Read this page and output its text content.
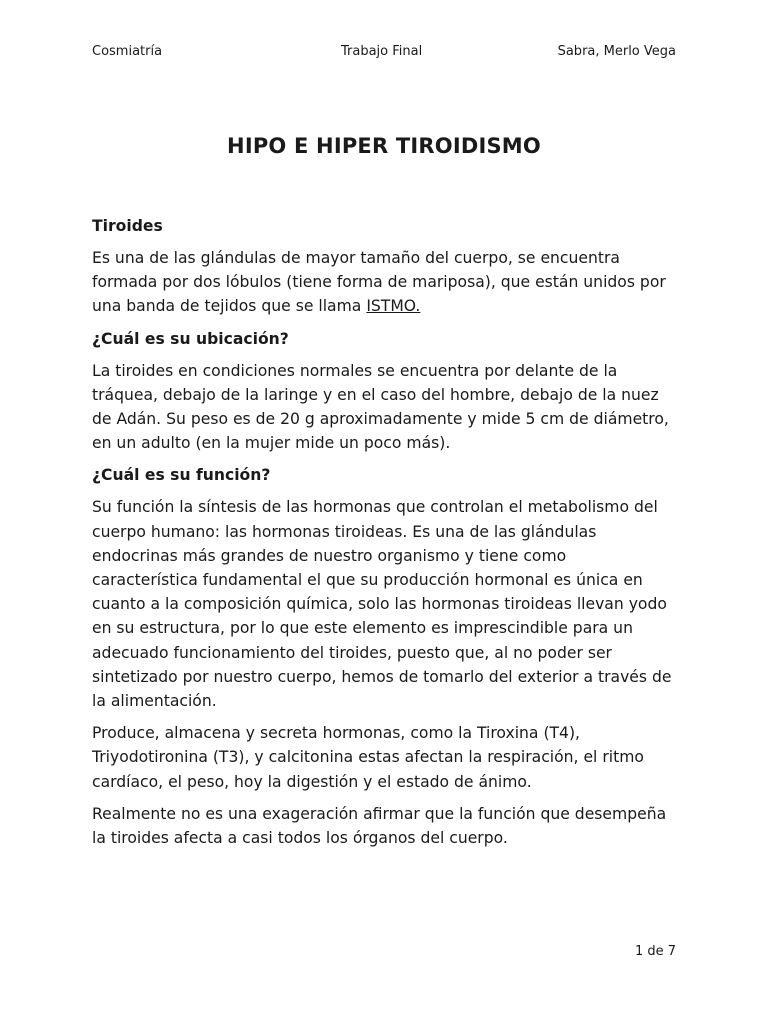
Cosmiatría	Trabajo Final	Sabra, Merlo Vega
HIPO E HIPER TIROIDISMO
Tiroides

Es una de las glándulas de mayor tamaño del cuerpo, se encuentra formada por dos lóbulos (tiene forma de mariposa), que están unidos por una banda de tejidos que se llama ISTMO.

¿Cuál es su ubicación?

La tiroides en condiciones normales se encuentra por delante de la tráquea, debajo de la laringe y en el caso del hombre, debajo de la nuez de Adán. Su peso es de 20 g aproximadamente y mide 5 cm de diámetro, en un adulto (en la mujer mide un poco más).

¿Cuál es su función?

Su función la síntesis de las hormonas que controlan el metabolismo del cuerpo humano: las hormonas tiroideas. Es una de las glándulas endocrinas más grandes de nuestro organismo y tiene como característica fundamental el que su producción hormonal es única en cuanto a la composición química, solo las hormonas tiroideas llevan yodo en su estructura, por lo que este elemento es imprescindible para un adecuado funcionamiento del tiroides, puesto que, al no poder ser sintetizado por nuestro cuerpo, hemos de tomarlo del exterior a través de la alimentación.

Produce, almacena y secreta hormonas, como la Tiroxina (T4), Triyodotironina (T3), y calcitonina estas afectan la respiración, el ritmo cardíaco, el peso, hoy la digestión y el estado de ánimo.

Realmente no es una exageración afirmar que la función que desempeña la tiroides afecta a casi todos los órganos del cuerpo.

1 de 7
